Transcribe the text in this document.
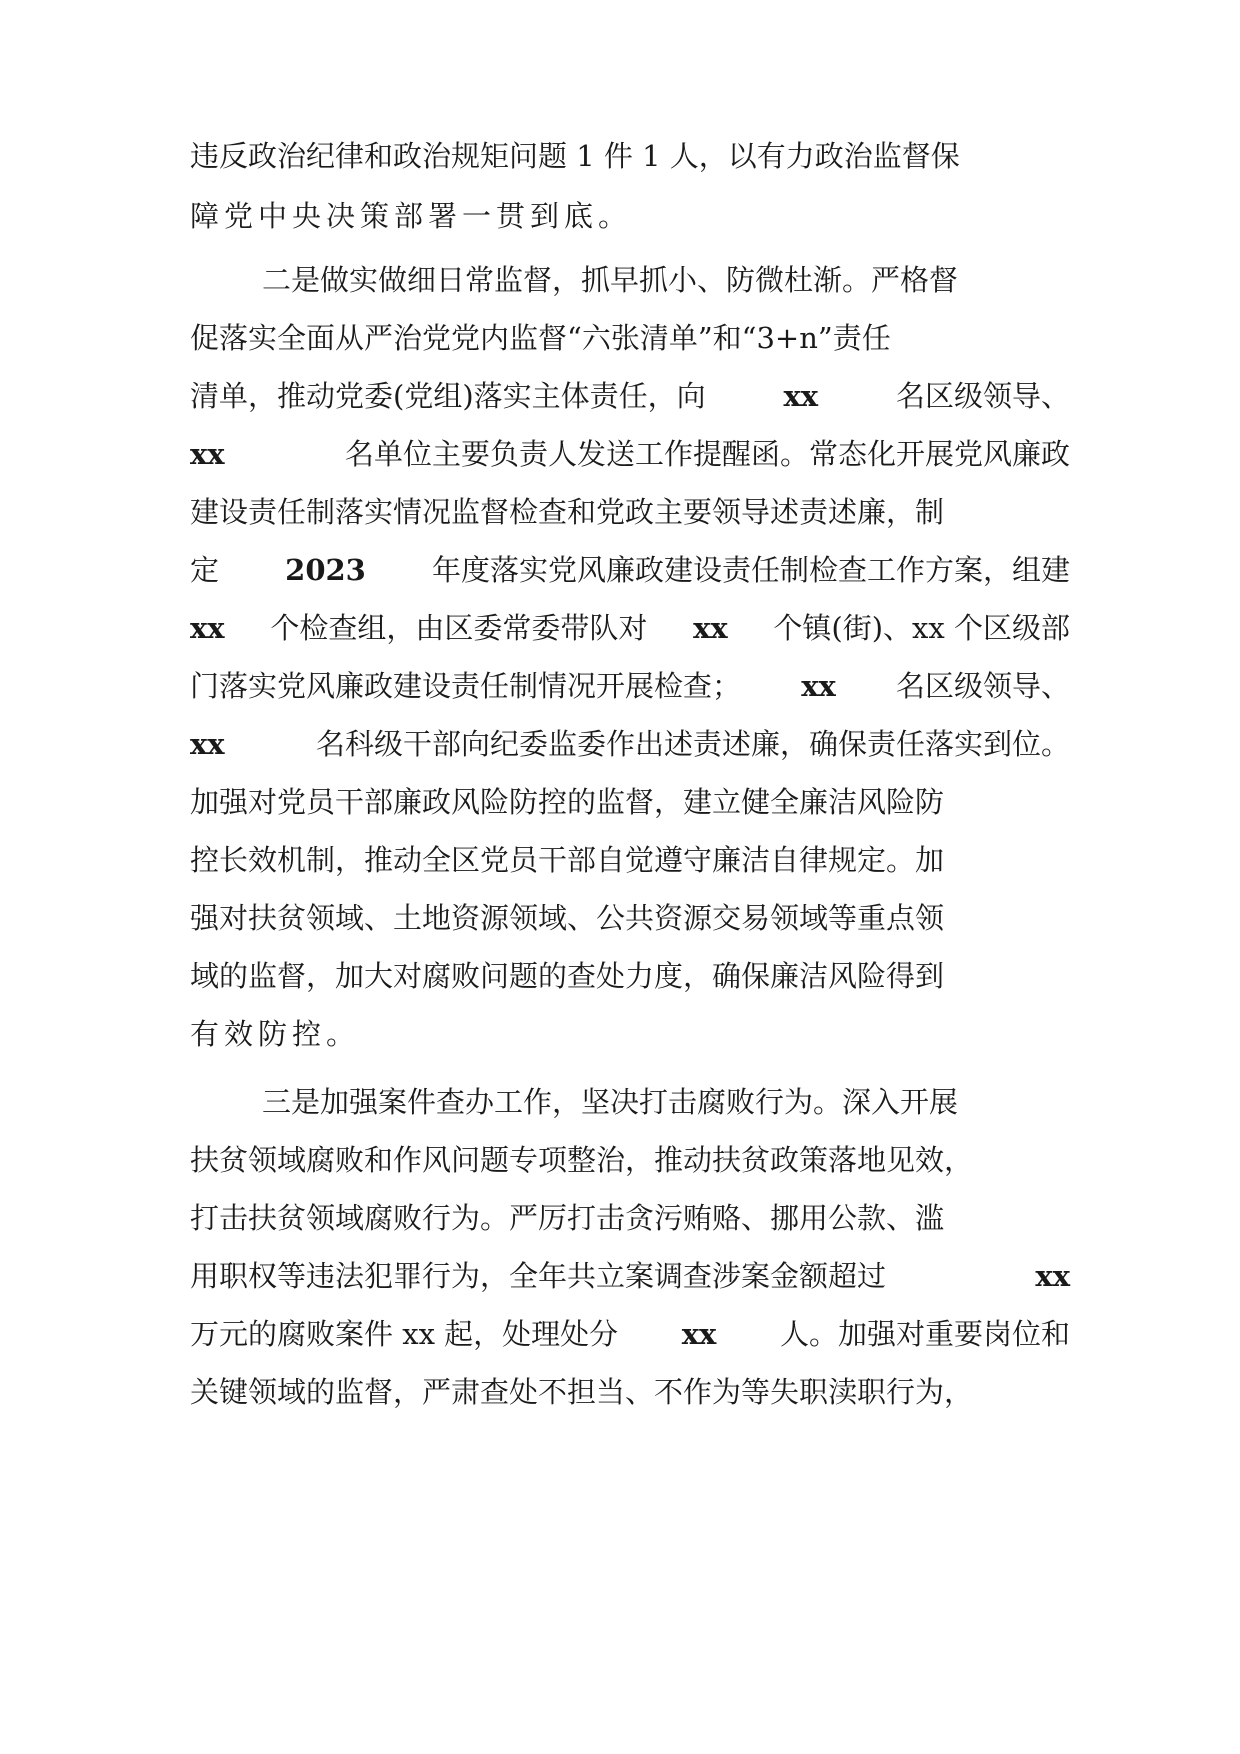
违反政治纪律和政治规矩问题 1 件 1 人，以有力政治监督保
障党中央决策部署一贯到底。
二是做实做细日常监督，抓早抓小、防微杜渐。严格督
促落实全面从严治党党内监督“六张清单”和“3+n”责任
清单，推动党委(党组)落实主体责任，向	xx	名区级领导、
xx	名单位主要负责人发送工作提醒函。常态化开展党风廉政
建设责任制落实情况监督检查和党政主要领导述责述廉，制
定 2023 年度落实党风廉政建设责任制检查工作方案，组建
xx 个检查组，由区委常委带队对 xx 个镇(街)、xx 个区级部
门落实党风廉政建设责任制情况开展检查； xx 名区级领导、
xx	名科级干部向纪委监委作出述责述廉，确保责任落实到位。
加强对党员干部廉政风险防控的监督，建立健全廉洁风险防
控长效机制，推动全区党员干部自觉遵守廉洁自律规定。加
强对扶贫领域、土地资源领域、公共资源交易领域等重点领
域的监督，加大对腐败问题的查处力度，确保廉洁风险得到
有效防控。
三是加强案件查办工作，坚决打击腐败行为。深入开展
扶贫领域腐败和作风问题专项整治，推动扶贫政策落地见效，
打击扶贫领域腐败行为。严厉打击贪污贿赂、挪用公款、滥
用职权等违法犯罪行为，全年共立案调查涉案金额超过	xx
万元的腐败案件 xx 起，处理处分 xx 人。加强对重要岗位和
关键领域的监督，严肃查处不担当、不作为等失职渎职行为，
